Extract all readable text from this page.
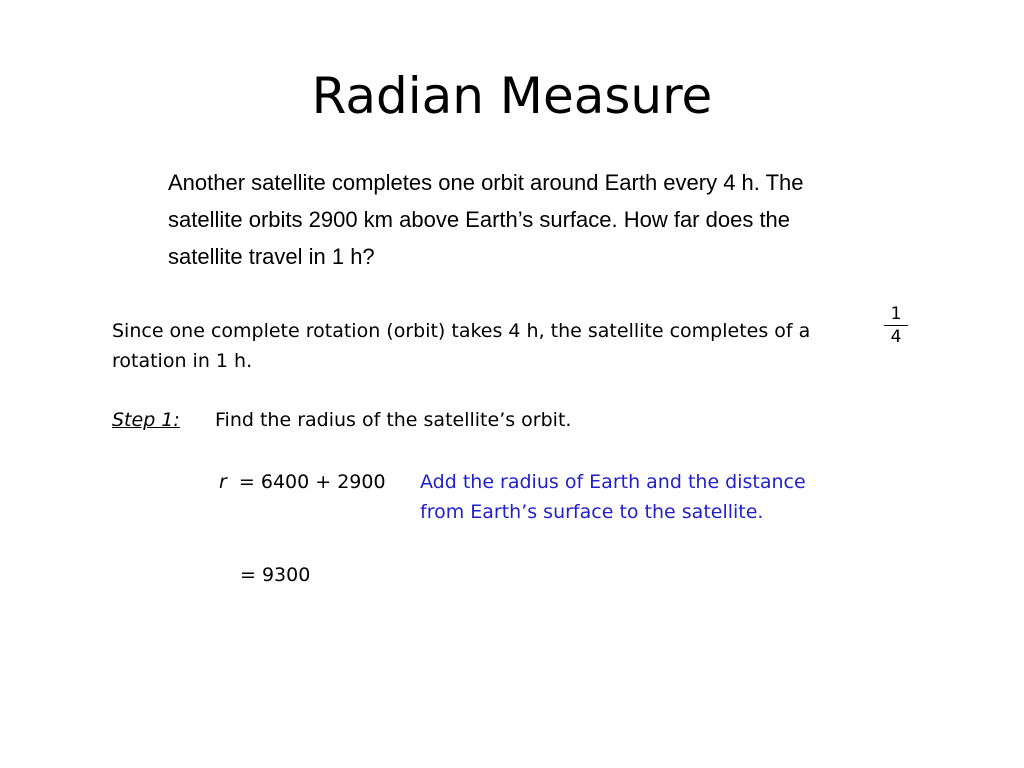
Radian Measure
Another satellite completes one orbit around Earth every 4 h. The
satellite orbits 2900 km above Earth’s surface. How far does the
satellite travel in 1 h?
Since one complete rotation (orbit) takes 4 h, the satellite completes of a
rotation in 1 h.
$\frac{1}{4}$
Step 1: Find the radius of the satellite’s orbit.
r = 6400 + 2900 Add the radius of Earth and the distance
from Earth’s surface to the satellite.
= 9300
